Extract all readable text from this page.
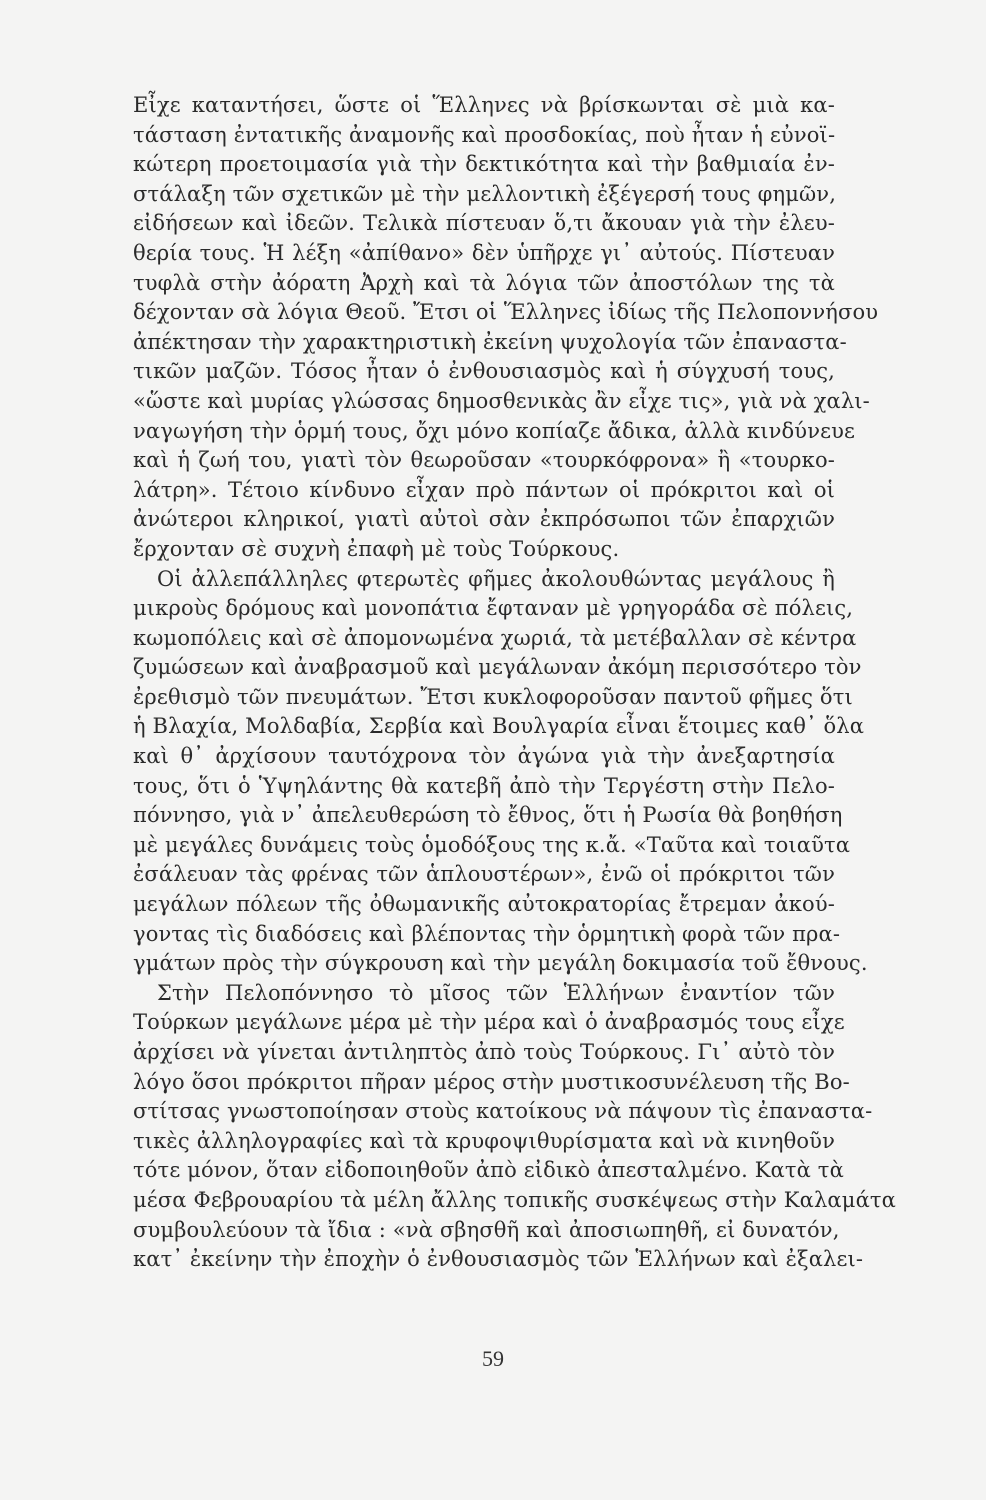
Εἶχε καταντήσει, ὥστε οἱ Ἕλληνες νὰ βρίσκωνται σὲ μιὰ κα-
τάσταση ἐντατικῆς ἀναμονῆς καὶ προσδοκίας, ποὺ ἦταν ἡ εὐνοϊ-
κώτερη προετοιμασία γιὰ τὴν δεκτικότητα καὶ τὴν βαθμιαία ἐν-
στάλαξη τῶν σχετικῶν μὲ τὴν μελλοντικὴ ἐξέγερσή τους φημῶν,
εἰδήσεων καὶ ἰδεῶν. Τελικὰ πίστευαν ὅ,τι ἄκουαν γιὰ τὴν ἐλευ-
θερία τους. Ἡ λέξη «ἀπίθανο» δὲν ὑπῆρχε γι᾽ αὐτούς. Πίστευαν
τυφλὰ στὴν ἀόρατη Ἀρχὴ καὶ τὰ λόγια τῶν ἀποστόλων της τὰ
δέχονταν σὰ λόγια Θεοῦ. Ἔτσι οἱ Ἕλληνες ἰδίως τῆς Πελοποννήσου
ἀπέκτησαν τὴν χαρακτηριστικὴ ἐκείνη ψυχολογία τῶν ἐπαναστα-
τικῶν μαζῶν. Τόσος ἦταν ὁ ἐνθουσιασμὸς καὶ ἡ σύγχυσή τους,
«ὥστε καὶ μυρίας γλώσσας δημοσθενικὰς ἂν εἶχε τις», γιὰ νὰ χαλι-
ναγωγήση τὴν ὁρμή τους, ὄχι μόνο κοπίαζε ἄδικα, ἀλλὰ κινδύνευε
καὶ ἡ ζωή του, γιατὶ τὸν θεωροῦσαν «τουρκόφρονα» ἢ «τουρκο-
λάτρη». Τέτοιο κίνδυνο εἶχαν πρὸ πάντων οἱ πρόκριτοι καὶ οἱ
ἀνώτεροι κληρικοί, γιατὶ αὐτοὶ σὰν ἐκπρόσωποι τῶν ἐπαρχιῶν
ἔρχονταν σὲ συχνὴ ἐπαφὴ μὲ τοὺς Τούρκους.
Οἱ ἀλλεπάλληλες φτερωτὲς φῆμες ἀκολουθώντας μεγάλους ἢ
μικροὺς δρόμους καὶ μονοπάτια ἔφταναν μὲ γρηγοράδα σὲ πόλεις,
κωμοπόλεις καὶ σὲ ἀπομονωμένα χωριά, τὰ μετέβαλλαν σὲ κέντρα
ζυμώσεων καὶ ἀναβρασμοῦ καὶ μεγάλωναν ἀκόμη περισσότερο τὸν
ἐρεθισμὸ τῶν πνευμάτων. Ἔτσι κυκλοφοροῦσαν παντοῦ φῆμες ὅτι
ἡ Βλαχία, Μολδαβία, Σερβία καὶ Βουλγαρία εἶναι ἕτοιμες καθ᾽ ὅλα
καὶ θ᾽ ἀρχίσουν ταυτόχρονα τὸν ἀγώνα γιὰ τὴν ἀνεξαρτησία
τους, ὅτι ὁ Ὑψηλάντης θὰ κατεβῆ ἀπὸ τὴν Τεργέστη στὴν Πελο-
πόννησο, γιὰ ν᾽ ἀπελευθερώση τὸ ἔθνος, ὅτι ἡ Ρωσία θὰ βοηθήση
μὲ μεγάλες δυνάμεις τοὺς ὁμοδόξους της κ.ἄ. «Ταῦτα καὶ τοιαῦτα
ἐσάλευαν τὰς φρένας τῶν ἁπλουστέρων», ἐνῶ οἱ πρόκριτοι τῶν
μεγάλων πόλεων τῆς ὀθωμανικῆς αὐτοκρατορίας ἔτρεμαν ἀκού-
γοντας τὶς διαδόσεις καὶ βλέποντας τὴν ὁρμητικὴ φορὰ τῶν πρα-
γμάτων πρὸς τὴν σύγκρουση καὶ τὴν μεγάλη δοκιμασία τοῦ ἔθνους.
Στὴν Πελοπόννησο τὸ μῖσος τῶν Ἑλλήνων ἐναντίον τῶν
Τούρκων μεγάλωνε μέρα μὲ τὴν μέρα καὶ ὁ ἀναβρασμός τους εἶχε
ἀρχίσει νὰ γίνεται ἀντιληπτὸς ἀπὸ τοὺς Τούρκους. Γι᾽ αὐτὸ τὸν
λόγο ὅσοι πρόκριτοι πῆραν μέρος στὴν μυστικοσυνέλευση τῆς Βο-
στίτσας γνωστοποίησαν στοὺς κατοίκους νὰ πάψουν τὶς ἐπαναστα-
τικὲς ἀλληλογραφίες καὶ τὰ κρυφοψιθυρίσματα καὶ νὰ κινηθοῦν
τότε μόνον, ὅταν εἰδοποιηθοῦν ἀπὸ εἰδικὸ ἀπεσταλμένο. Κατὰ τὰ
μέσα Φεβρουαρίου τὰ μέλη ἄλλης τοπικῆς συσκέψεως στὴν Καλαμάτα
συμβουλεύουν τὰ ἴδια : «νὰ σβησθῆ καὶ ἀποσιωπηθῆ, εἰ δυνατόν,
κατ᾽ ἐκείνην τὴν ἐποχὴν ὁ ἐνθουσιασμὸς τῶν Ἑλλήνων καὶ ἐξαλει-
59
